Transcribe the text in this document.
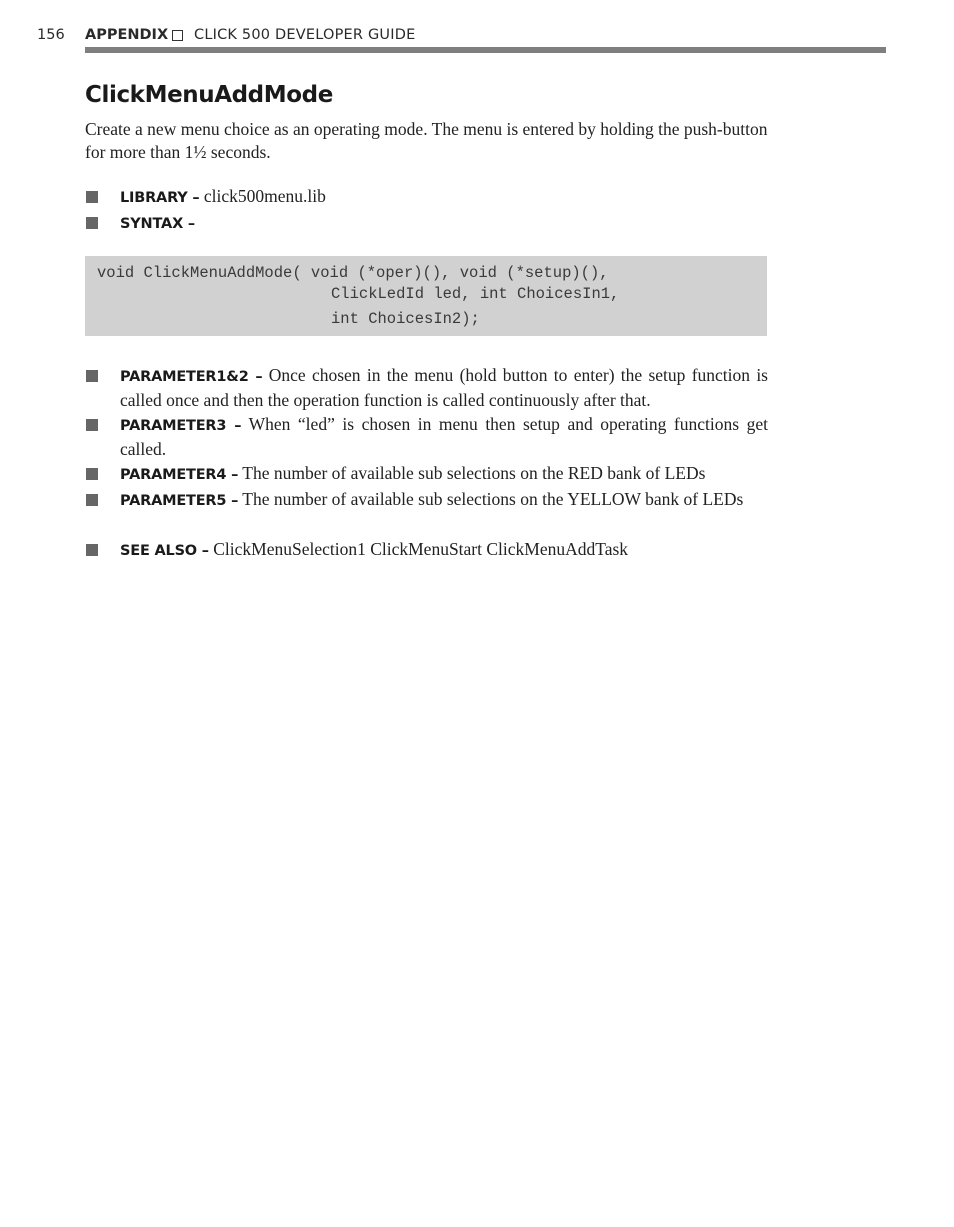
156 APPENDIX CLICK 500 DEVELOPER GUIDE
ClickMenuAddMode

Create a new menu choice as an operating mode. The menu is entered by holding the push-button for more than 1½ seconds.

LIBRARY – click500menu.lib
SYNTAX –
void ClickMenuAddMode( void (*oper)(), void (*setup)(),
ClickLedId led, int ChoicesIn1,
int ChoicesIn2);
PARAMETER1&2 – Once chosen in the menu (hold button to enter) the setup function is called once and then the operation function is called continuously after that.
PARAMETER3 – When “led” is chosen in menu then setup and operating functions get called.
PARAMETER4 – The number of available sub selections on the RED bank of LEDs
PARAMETER5 – The number of available sub selections on the YELLOW bank of LEDs
SEE ALSO – ClickMenuSelection1 ClickMenuStart ClickMenuAddTask
